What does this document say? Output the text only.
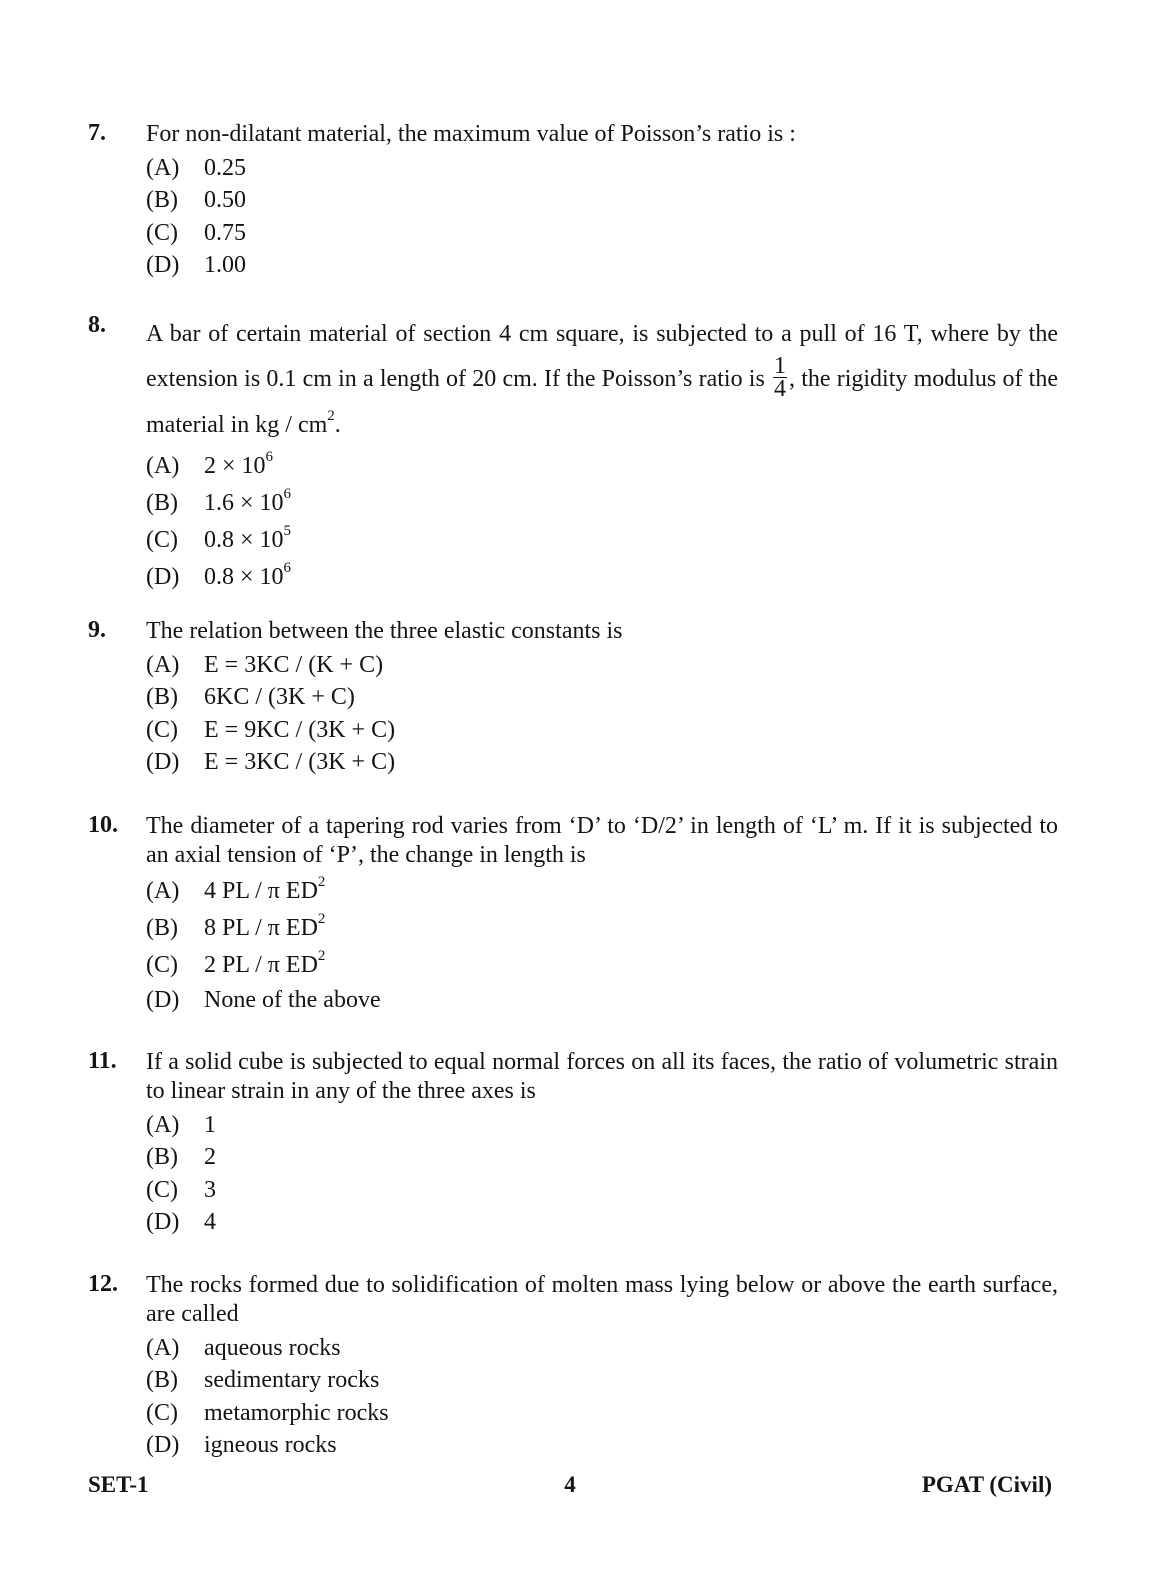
7. For non-dilatant material, the maximum value of Poisson’s ratio is :
(A)	0.25
(B)	0.50
(C)	0.75
(D)	1.00
8. A bar of certain material of section 4 cm square, is subjected to a pull of 16 T, where by the extension is 0.1 cm in a length of 20 cm. If the Poisson’s ratio is $\frac{1}{4}$ , the rigidity modulus of the material in kg / $cm^2$.
(A)	$2 \times 10^6$
(B)	$1.6 \times 10^6$
(C)	$0.8 \times 10^5$
(D)	$0.8 \times 10^6$
9. The relation between the three elastic constants is
(A)	E = 3KC / (K + C)
(B)	6KC / (3K + C)
(C)	E = 9KC / (3K + C)
(D)	E = 3KC / (3K + C)
10. The diameter of a tapering rod varies from ‘D’ to ‘D/2’ in length of ‘L’ m. If it is subjected to an axial tension of ‘P’, the change in length is
(A)	4 PL / π $ED^2$
(B)	8 PL / π $ED^2$
(C)	2 PL / π $ED^2$
(D)	None of the above
11. If a solid cube is subjected to equal normal forces on all its faces, the ratio of volumetric strain to linear strain in any of the three axes is
(A)	1
(B)	2
(C)	3
(D)	4
12. The rocks formed due to solidification of molten mass lying below or above the earth surface, are called
(A)	aqueous rocks
(B)	sedimentary rocks
(C)	metamorphic rocks
(D)	igneous rocks
SET-1	4	PGAT (Civil)
